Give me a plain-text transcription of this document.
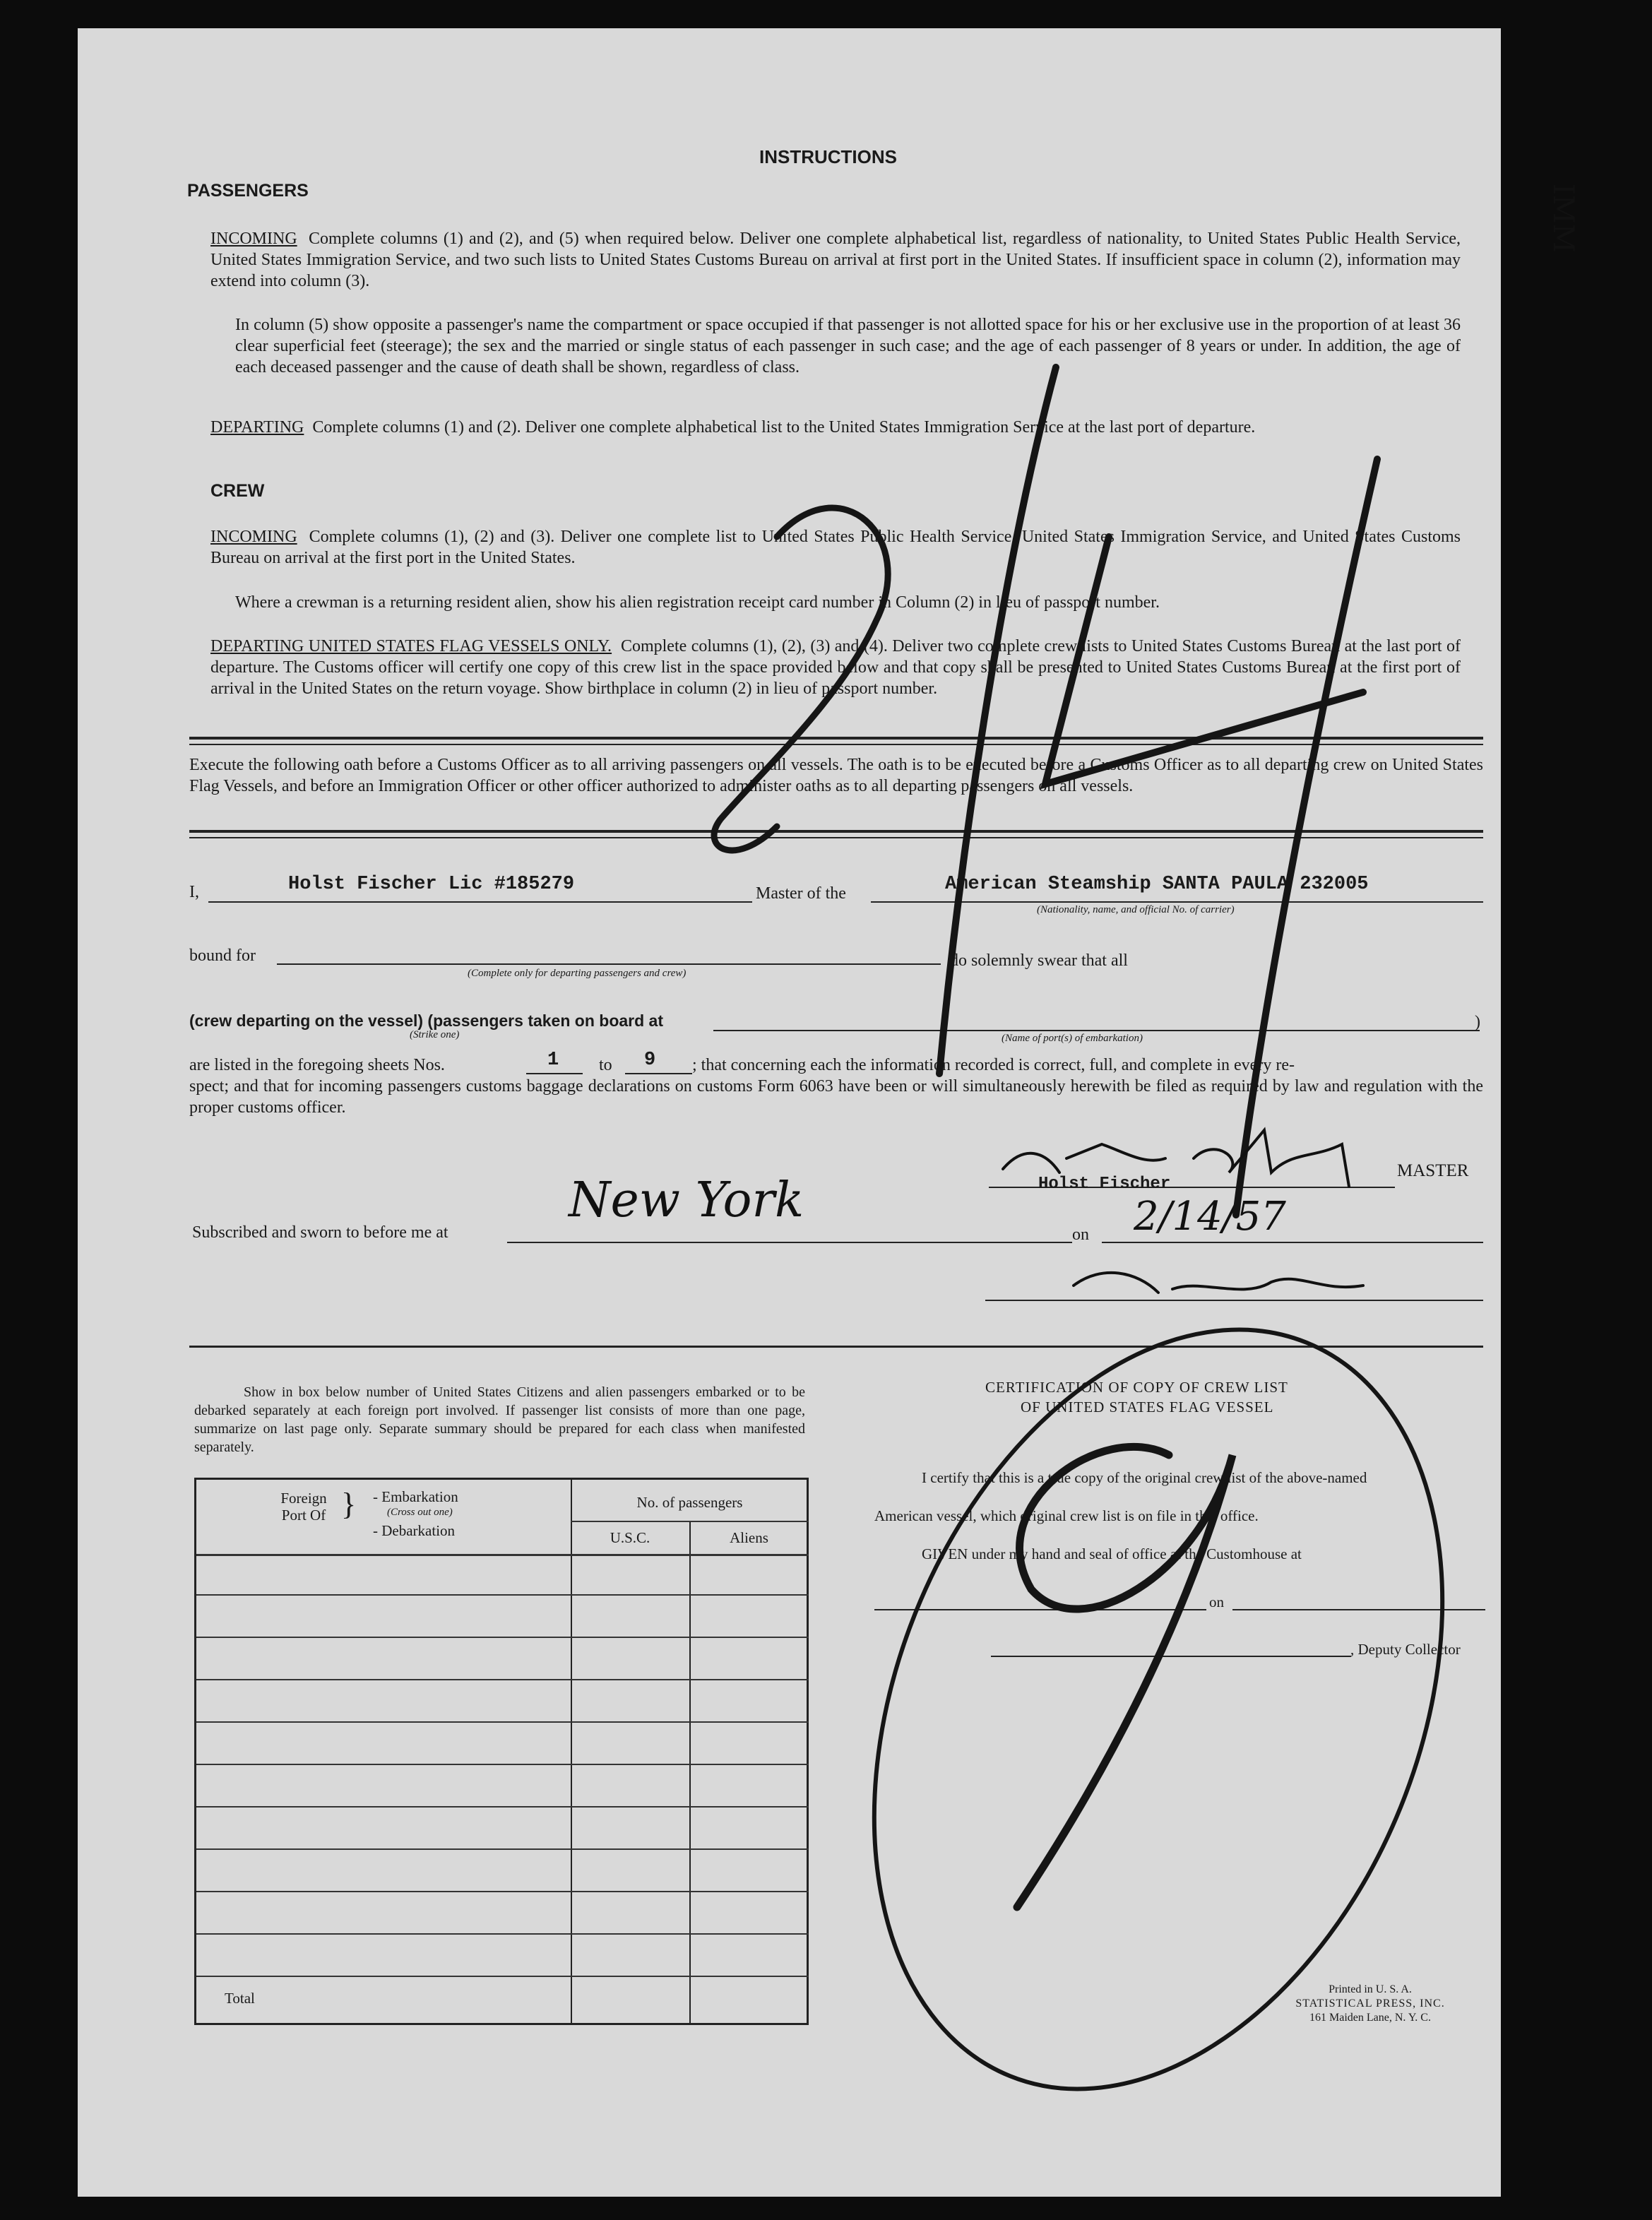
INSTRUCTIONS
PASSENGERS
INCOMING Complete columns (1) and (2), and (5) when required below. Deliver one complete alphabetical list, regardless of nationality, to United States Public Health Service, United States Immigration Service, and two such lists to United States Customs Bureau on arrival at first port in the United States. If insufficient space in column (2), information may extend into column (3).
In column (5) show opposite a passenger's name the compartment or space occupied if that passenger is not allotted space for his or her exclusive use in the proportion of at least 36 clear superficial feet (steerage); the sex and the married or single status of each passenger in such case; and the age of each passenger of 8 years or under. In addition, the age of each deceased passenger and the cause of death shall be shown, regardless of class.
DEPARTING Complete columns (1) and (2). Deliver one complete alphabetical list to the United States Immigration Service at the last port of departure.
CREW
INCOMING Complete columns (1), (2) and (3). Deliver one complete list to United States Public Health Service, United States Immigration Service, and United States Customs Bureau on arrival at the first port in the United States.
Where a crewman is a returning resident alien, show his alien registration receipt card number in Column (2) in lieu of passport number.
DEPARTING UNITED STATES FLAG VESSELS ONLY. Complete columns (1), (2), (3) and (4). Deliver two complete crew lists to United States Customs Bureau at the last port of departure. The Customs officer will certify one copy of this crew list in the space provided below and that copy shall be presented to United States Customs Bureau at the first port of arrival in the United States on the return voyage. Show birthplace in column (2) in lieu of passport number.
Execute the following oath before a Customs Officer as to all arriving passengers on all vessels. The oath is to be executed before a Customs Officer as to all departing crew on United States Flag Vessels, and before an Immigration Officer or other officer authorized to administer oaths as to all departing passengers on all vessels.
I,	Holst Fischer Lic #185279	Master of the	American Steamship SANTA PAULA 232005
(Nationality, name, and official No. of carrier)
bound for
(Complete only for departing passengers and crew)
do solemnly swear that all
(crew departing on the vessel) (passengers taken on board at	)
(Strike one)	(Name of port(s) of embarkation)
are listed in the foregoing sheets Nos.	1 to 9 ; that concerning each the information recorded is correct, full, and complete in every re-
spect; and that for incoming passengers customs baggage declarations on customs Form 6063 have been or will simultaneously herewith be filed as required by law and regulation with the proper customs officer.
MASTER
Holst Fischer
Subscribed and sworn to before me at
New York
on 2/14/57
Show in box below number of United States Citizens and alien passengers embarked or to be debarked separately at each foreign port involved. If passenger list consists of more than one page, summarize on last page only. Separate summary should be prepared for each class when manifested separately.
Foreign Port Of } - Embarkation
(Cross out one)
- Debarkation
No. of passengers
U.S.C.	Aliens
Total
CERTIFICATION OF COPY OF CREW LIST
OF UNITED STATES FLAG VESSEL
I certify that this is a true copy of the original crew list of the above-named
American vessel, which original crew list is on file in this office.
GIVEN under my hand and seal of office at the Customhouse at
on
, Deputy Collector
Printed in U. S. A.
STATISTICAL PRESS, INC.
161 Maiden Lane, N. Y. C.
IMM
